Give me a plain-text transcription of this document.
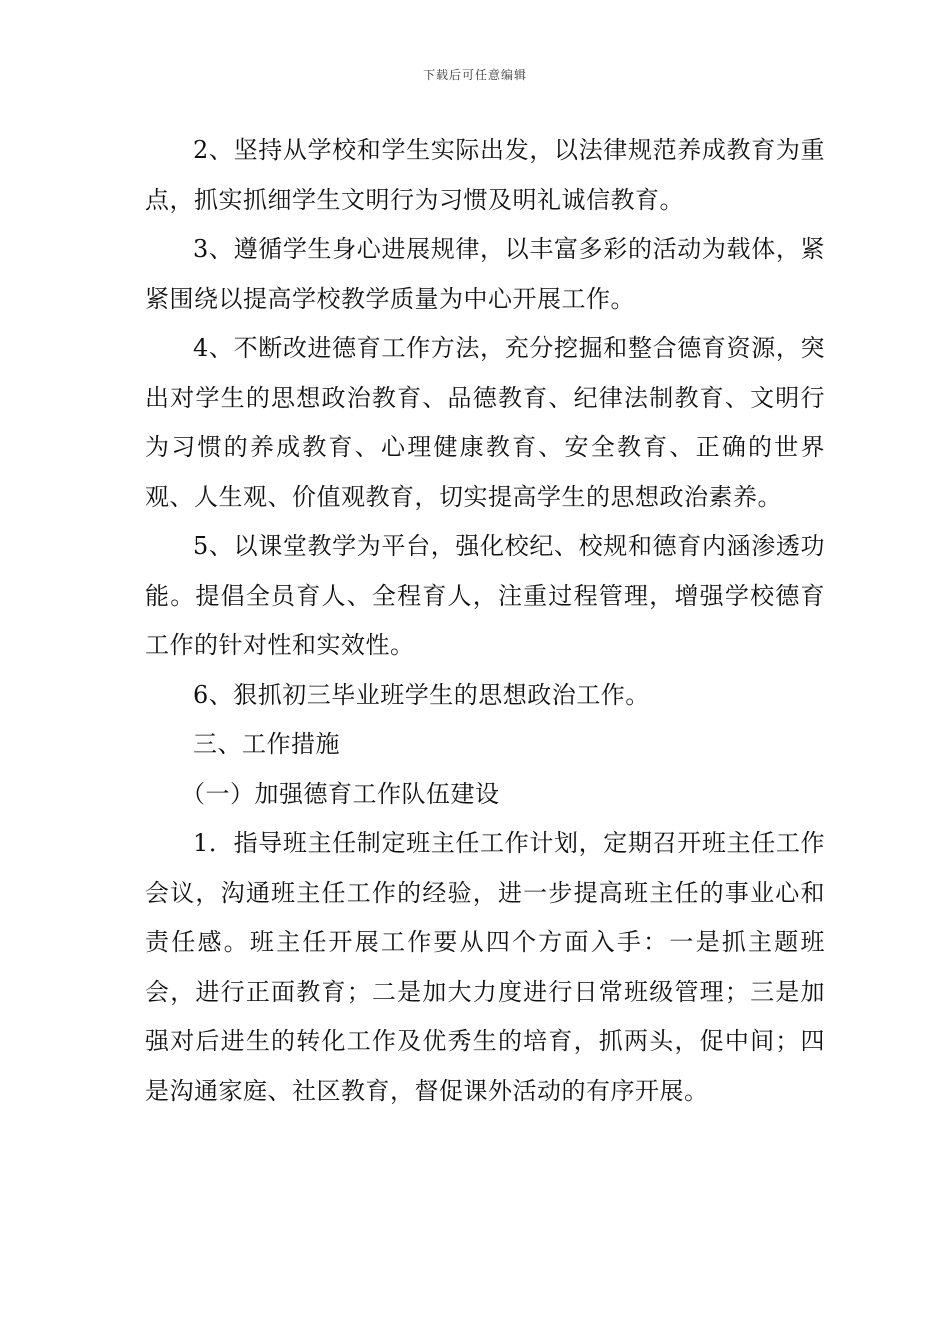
下载后可任意编辑

2、坚持从学校和学生实际出发，以法律规范养成教育为重点，抓实抓细学生文明行为习惯及明礼诚信教育。

3、遵循学生身心进展规律，以丰富多彩的活动为载体，紧紧围绕以提高学校教学质量为中心开展工作。

4、不断改进德育工作方法，充分挖掘和整合德育资源，突出对学生的思想政治教育、品德教育、纪律法制教育、文明行为习惯的养成教育、心理健康教育、安全教育、正确的世界观、人生观、价值观教育，切实提高学生的思想政治素养。

5、以课堂教学为平台，强化校纪、校规和德育内涵渗透功能。提倡全员育人、全程育人，注重过程管理，增强学校德育工作的针对性和实效性。

6、狠抓初三毕业班学生的思想政治工作。

三、工作措施

（一）加强德育工作队伍建设

1．指导班主任制定班主任工作计划，定期召开班主任工作会议，沟通班主任工作的经验，进一步提高班主任的事业心和责任感。班主任开展工作要从四个方面入手：一是抓主题班会，进行正面教育；二是加大力度进行日常班级管理；三是加强对后进生的转化工作及优秀生的培育，抓两头，促中间；四是沟通家庭、社区教育，督促课外活动的有序开展。
